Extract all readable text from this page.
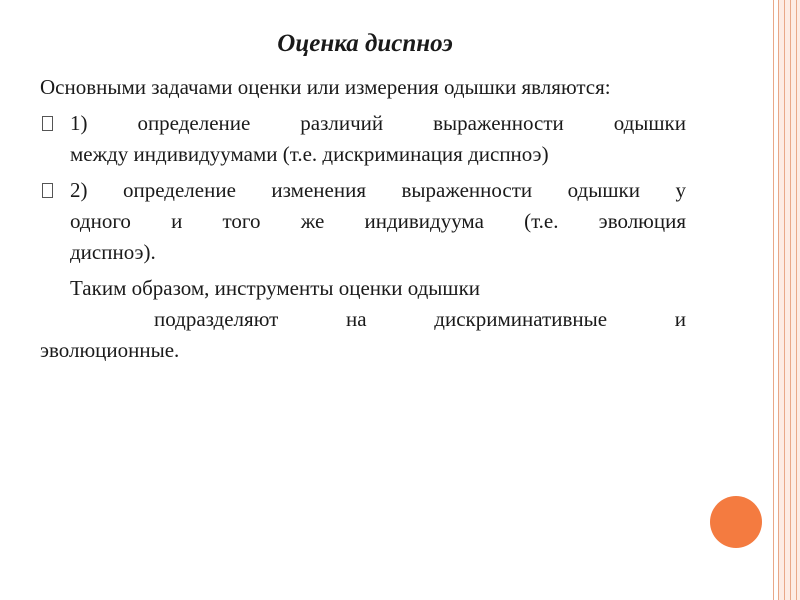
Оценка диспноэ

Основными задачами оценки или измерения одышки являются:

1) определение различий выраженности одышки
между индивидуумами (т.е. дискриминация диспноэ)
2) определение изменения выраженности одышки у
одного и того же индивидуума (т.е. эволюция
диспноэ).
Таким образом, инструменты оценки одышки
подразделяют на дискриминативные и
эволюционные.
